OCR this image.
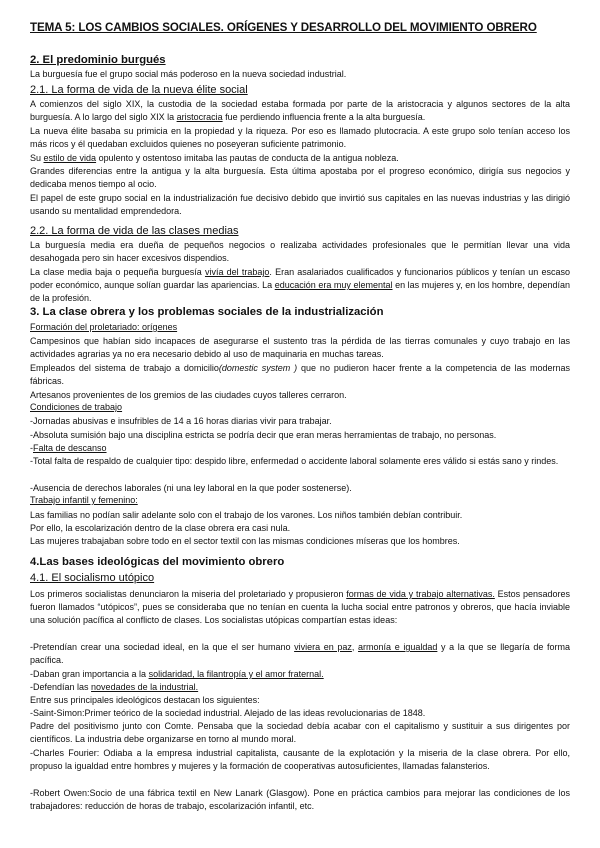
TEMA 5: LOS CAMBIOS SOCIALES. ORÍGENES Y DESARROLLO DEL MOVIMIENTO OBRERO
2. El predominio burgués

La burguesía fue el grupo social más poderoso en la nueva sociedad industrial.

2.1. La forma de vida de la nueva élite social

A comienzos del siglo XIX, la custodia de la sociedad estaba formada por parte de la aristocracia y algunos sectores de la alta burguesía. A lo largo del siglo XIX la aristocracia fue perdiendo influencia frente a la alta burguesía.

La nueva élite basaba su primicia en la propiedad y la riqueza. Por eso es llamado plutocracia. A este grupo solo tenían acceso los más ricos y él quedaban excluidos quienes no poseyeran suficiente patrimonio.

Su estilo de vida opulento y ostentoso imitaba las pautas de conducta de la antigua nobleza.

Grandes diferencias entre la antigua y la alta burguesía. Esta última apostaba por el progreso económico, dirigía sus negocios y dedicaba menos tiempo al ocio.

El papel de este grupo social en la industrialización fue decisivo debido que invirtió sus capitales en las nuevas industrias y las dirigió usando su mentalidad emprendedora.

2.2. La forma de vida de las clases medias

La burguesía media era dueña de pequeños negocios o realizaba actividades profesionales que le permitían llevar una vida desahogada pero sin hacer excesivos dispendios.

La clase media baja o pequeña burguesía vivía del trabajo. Eran asalariados cualificados y funcionarios públicos y tenían un escaso poder económico, aunque solían guardar las apariencias. La educación era muy elemental en las mujeres y, en los hombre, dependían de la profesión.

3. La clase obrera y los problemas sociales de la industrialización
Formación del proletariado: orígenes

Campesinos que habían sido incapaces de asegurarse el sustento tras la pérdida de las tierras comunales y cuyo trabajo en las actividades agrarias ya no era necesario debido al uso de maquinaria en muchas tareas.

Empleados del sistema de trabajo a domicilio(domestic system ) que no pudieron hacer frente a la competencia de las modernas fábricas.

Artesanos provenientes de los gremios de las ciudades cuyos talleres cerraron.

Condiciones de trabajo

-Jornadas abusivas e insufribles de 14 a 16 horas diarias vivir para trabajar.

-Absoluta sumisión bajo una disciplina estricta se podría decir que eran meras herramientas de trabajo, no personas.

-Falta de descanso

-Total falta de respaldo de cualquier tipo: despido libre, enfermedad o accidente laboral solamente eres válido si estás sano y rindes.

-Ausencia de derechos laborales (ni una ley laboral en la que poder sostenerse).

Trabajo infantil y femenino:

Las familias no podían salir adelante solo con el trabajo de los varones. Los niños también debían contribuir.

Por ello, la escolarización dentro de la clase obrera era casi nula.

Las mujeres trabajaban sobre todo en el sector textil con las mismas condiciones míseras que los hombres.

4.Las bases ideológicas del movimiento obrero
4.1. El socialismo utópico

Los primeros socialistas denunciaron la miseria del proletariado y propusieron formas de vida y trabajo alternativas. Estos pensadores fueron llamados “utópicos”, pues se consideraba que no tenían en cuenta la lucha social entre patronos y obreros, que hacía inviable una solución pacífica al conflicto de clases. Los socialistas utópicas compartían estas ideas:

-Pretendían crear una sociedad ideal, en la que el ser humano viviera en paz, armonía e igualdad y a la que se llegaría de forma pacífica.

-Daban gran importancia a la solidaridad, la filantropía y el amor fraternal.

-Defendían las novedades de la industrial.

Entre sus principales ideológicos destacan los siguientes:

-Saint-Simon:Primer teórico de la sociedad industrial. Alejado de las ideas revolucionarias de 1848.

Padre del positivismo junto con Comte. Pensaba que la sociedad debía acabar con el capitalismo y sustituir a sus dirigentes por científicos. La industria debe organizarse en torno al mundo moral.

-Charles Fourier: Odiaba a la empresa industrial capitalista, causante de la explotación y la miseria de la clase obrera. Por ello, propuso la igualdad entre hombres y mujeres y la formación de cooperativas autosuficientes, llamadas falansterios.

-Robert Owen:Socio de una fábrica textil en New Lanark (Glasgow). Pone en práctica cambios para mejorar las condiciones de los trabajadores: reducción de horas de trabajo, escolarización infantil, etc.
